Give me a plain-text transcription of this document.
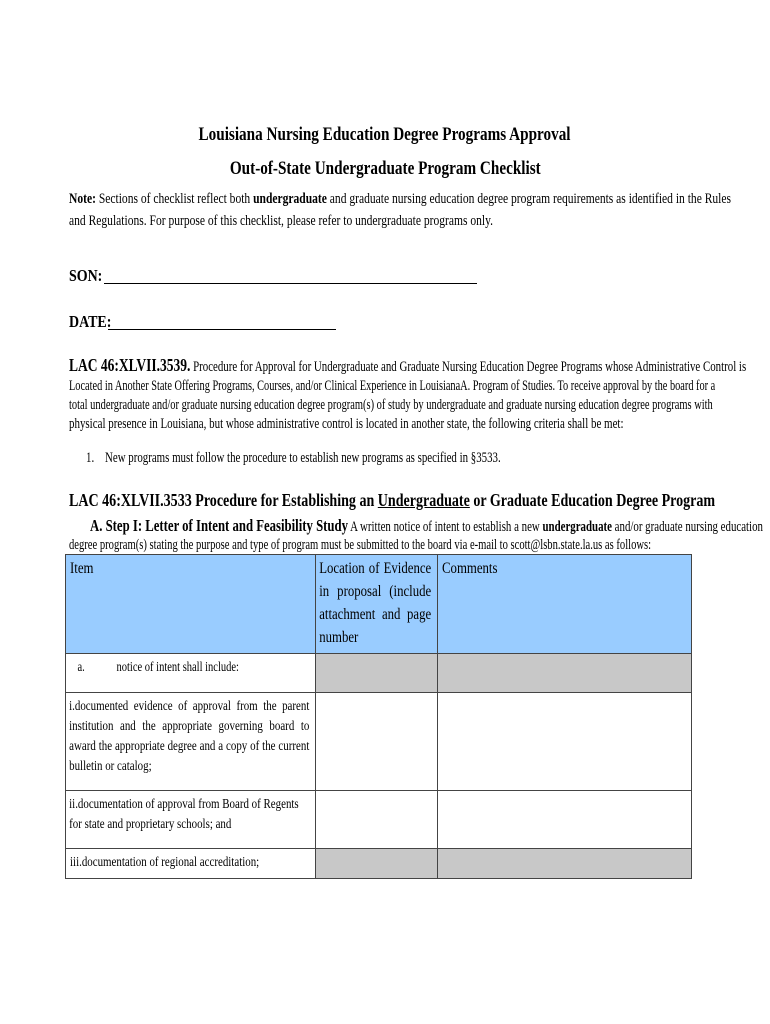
Louisiana Nursing Education Degree Programs Approval
Out-of-State Undergraduate Program Checklist
Note: Sections of checklist reflect both undergraduate and graduate nursing education degree program requirements as identified in the Rules
and Regulations. For purpose of this checklist, please refer to undergraduate programs only.
SON:
DATE:
LAC 46:XLVII.3539. Procedure for Approval for Undergraduate and Graduate Nursing Education Degree Programs whose Administrative Control is
Located in Another State Offering Programs, Courses, and/or Clinical Experience in LouisianaA. Program of Studies. To receive approval by the board for a
total undergraduate and/or graduate nursing education degree program(s) of study by undergraduate and graduate nursing education degree programs with
physical presence in Louisiana, but whose administrative control is located in another state, the following criteria shall be met:
1. New programs must follow the procedure to establish new programs as specified in §3533.
LAC 46:XLVII.3533 Procedure for Establishing an Undergraduate or Graduate Education Degree Program
A. Step I: Letter of Intent and Feasibility Study A written notice of intent to establish a new undergraduate and/or graduate nursing education
degree program(s) stating the purpose and type of program must be submitted to the board via e-mail to scott@lsbn.state.la.us as follows:
Item	Location of Evidence in proposal (include attachment and page number	Comments

a. notice of intent shall include:		

i.documented evidence of approval from the parent institution and the appropriate governing board to award the appropriate degree and a copy of the current bulletin or catalog;		

ii.documentation of approval from Board of Regents for state and proprietary schools; and		

iii.documentation of regional accreditation;		
